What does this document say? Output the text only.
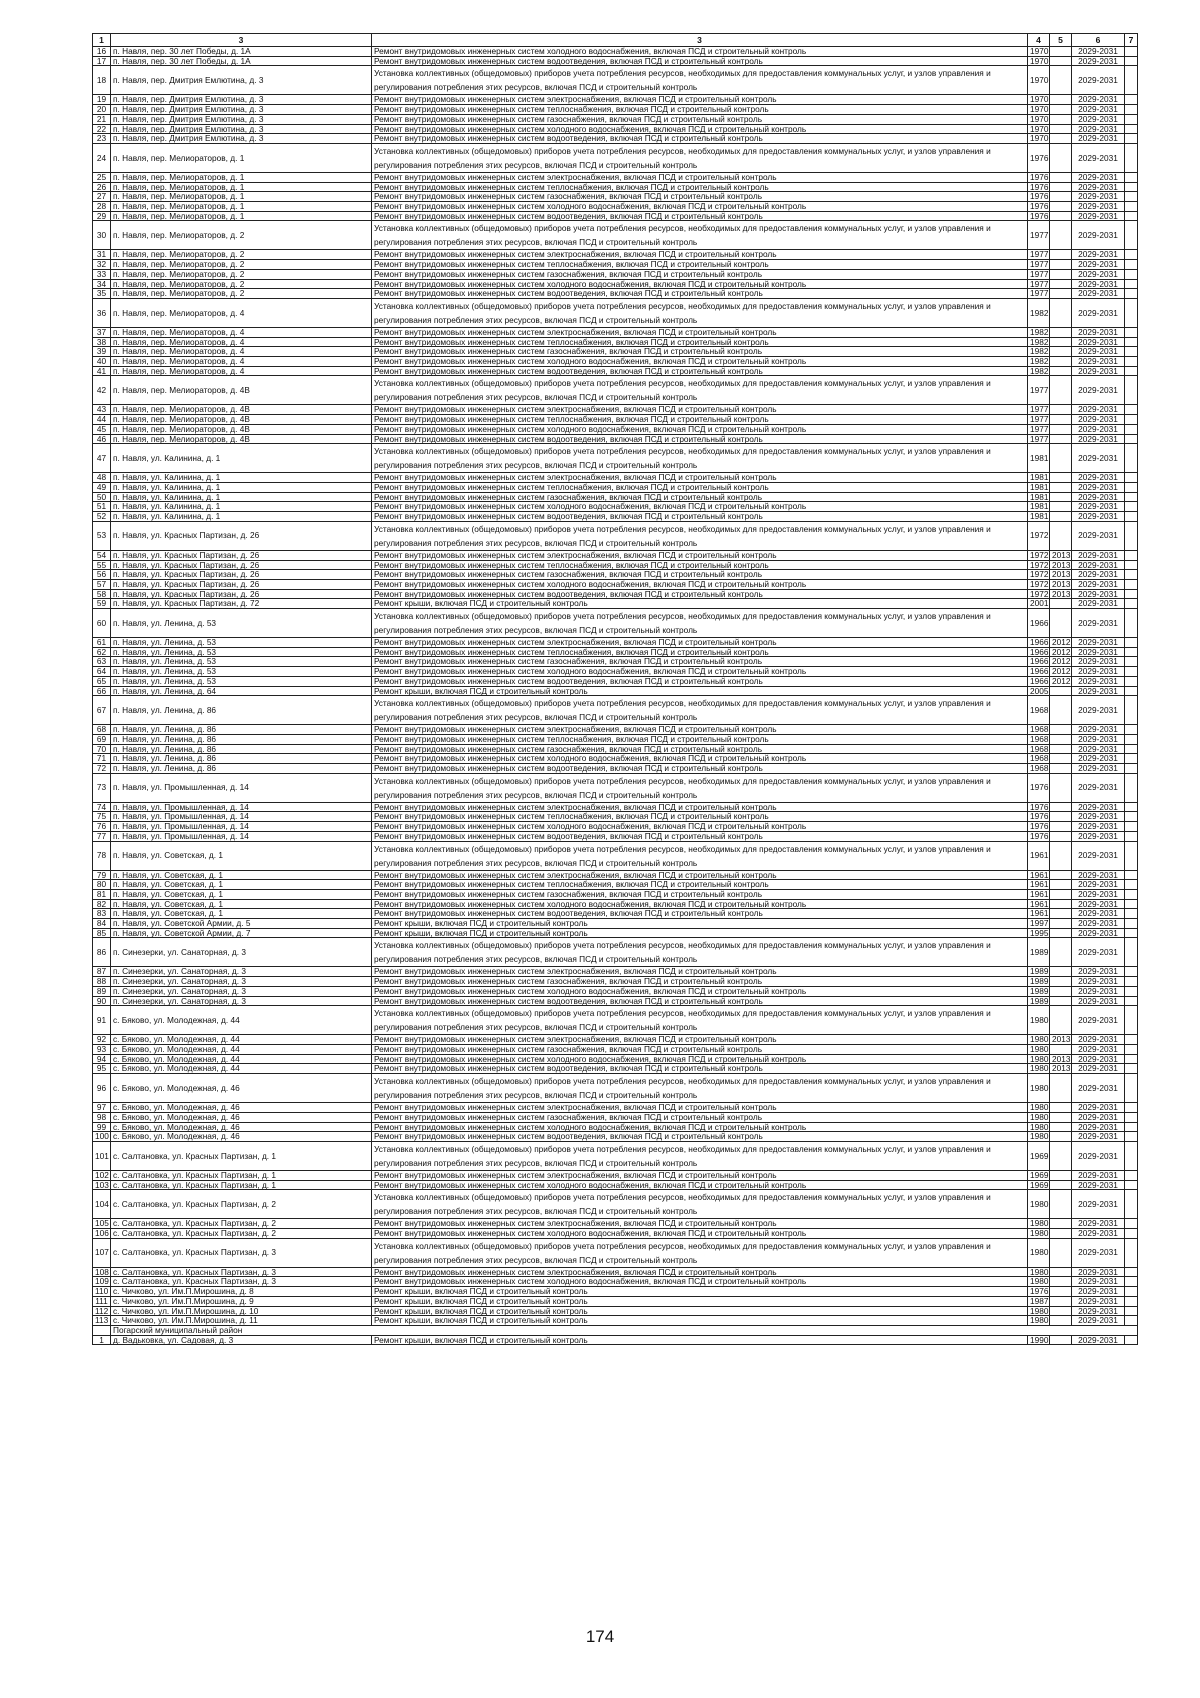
1	3	3	4	5	6	7
16	п. Навля, пер. 30 лет Победы, д. 1А	Ремонт внутридомовых инженерных систем холодного водоснабжения, включая ПСД и строительный контроль	1970		2029-2031	
17	п. Навля, пер. 30 лет Победы, д. 1А	Ремонт внутридомовых инженерных систем водоотведения, включая ПСД и строительный контроль	1970		2029-2031	
18	п. Навля, пер. Дмитрия Емлютина, д. 3	Установка коллективных (общедомовых) приборов учета потребления ресурсов, необходимых для предоставления коммунальных услуг, и узлов управления и регулирования потребления этих ресурсов, включая ПСД и строительный контроль	1970		2029-2031	
19	п. Навля, пер. Дмитрия Емлютина, д. 3	Ремонт внутридомовых инженерных систем электроснабжения, включая ПСД и строительный контроль	1970		2029-2031	
20	п. Навля, пер. Дмитрия Емлютина, д. 3	Ремонт внутридомовых инженерных систем теплоснабжения, включая ПСД и строительный контроль	1970		2029-2031	
21	п. Навля, пер. Дмитрия Емлютина, д. 3	Ремонт внутридомовых инженерных систем газоснабжения, включая ПСД и строительный контроль	1970		2029-2031	
22	п. Навля, пер. Дмитрия Емлютина, д. 3	Ремонт внутридомовых инженерных систем холодного водоснабжения, включая ПСД и строительный контроль	1970		2029-2031	
23	п. Навля, пер. Дмитрия Емлютина, д. 3	Ремонт внутридомовых инженерных систем водоотведения, включая ПСД и строительный контроль	1970		2029-2031	
24	п. Навля, пер. Мелиораторов, д. 1	Установка коллективных (общедомовых) приборов учета потребления ресурсов, необходимых для предоставления коммунальных услуг, и узлов управления и регулирования потребления этих ресурсов, включая ПСД и строительный контроль	1976		2029-2031	
25	п. Навля, пер. Мелиораторов, д. 1	Ремонт внутридомовых инженерных систем электроснабжения, включая ПСД и строительный контроль	1976		2029-2031	
26	п. Навля, пер. Мелиораторов, д. 1	Ремонт внутридомовых инженерных систем теплоснабжения, включая ПСД и строительный контроль	1976		2029-2031	
27	п. Навля, пер. Мелиораторов, д. 1	Ремонт внутридомовых инженерных систем газоснабжения, включая ПСД и строительный контроль	1976		2029-2031	
28	п. Навля, пер. Мелиораторов, д. 1	Ремонт внутридомовых инженерных систем холодного водоснабжения, включая ПСД и строительный контроль	1976		2029-2031	
29	п. Навля, пер. Мелиораторов, д. 1	Ремонт внутридомовых инженерных систем водоотведения, включая ПСД и строительный контроль	1976		2029-2031	
30	п. Навля, пер. Мелиораторов, д. 2	Установка коллективных (общедомовых) приборов учета потребления ресурсов, необходимых для предоставления коммунальных услуг, и узлов управления и регулирования потребления этих ресурсов, включая ПСД и строительный контроль	1977		2029-2031	
31	п. Навля, пер. Мелиораторов, д. 2	Ремонт внутридомовых инженерных систем электроснабжения, включая ПСД и строительный контроль	1977		2029-2031	
32	п. Навля, пер. Мелиораторов, д. 2	Ремонт внутридомовых инженерных систем теплоснабжения, включая ПСД и строительный контроль	1977		2029-2031	
33	п. Навля, пер. Мелиораторов, д. 2	Ремонт внутридомовых инженерных систем газоснабжения, включая ПСД и строительный контроль	1977		2029-2031	
34	п. Навля, пер. Мелиораторов, д. 2	Ремонт внутридомовых инженерных систем холодного водоснабжения, включая ПСД и строительный контроль	1977		2029-2031	
35	п. Навля, пер. Мелиораторов, д. 2	Ремонт внутридомовых инженерных систем водоотведения, включая ПСД и строительный контроль	1977		2029-2031	
36	п. Навля, пер. Мелиораторов, д. 4	Установка коллективных (общедомовых) приборов учета потребления ресурсов, необходимых для предоставления коммунальных услуг, и узлов управления и регулирования потребления этих ресурсов, включая ПСД и строительный контроль	1982		2029-2031	
37	п. Навля, пер. Мелиораторов, д. 4	Ремонт внутридомовых инженерных систем электроснабжения, включая ПСД и строительный контроль	1982		2029-2031	
38	п. Навля, пер. Мелиораторов, д. 4	Ремонт внутридомовых инженерных систем теплоснабжения, включая ПСД и строительный контроль	1982		2029-2031	
39	п. Навля, пер. Мелиораторов, д. 4	Ремонт внутридомовых инженерных систем газоснабжения, включая ПСД и строительный контроль	1982		2029-2031	
40	п. Навля, пер. Мелиораторов, д. 4	Ремонт внутридомовых инженерных систем холодного водоснабжения, включая ПСД и строительный контроль	1982		2029-2031	
41	п. Навля, пер. Мелиораторов, д. 4	Ремонт внутридомовых инженерных систем водоотведения, включая ПСД и строительный контроль	1982		2029-2031	
42	п. Навля, пер. Мелиораторов, д. 4В	Установка коллективных (общедомовых) приборов учета потребления ресурсов, необходимых для предоставления коммунальных услуг, и узлов управления и регулирования потребления этих ресурсов, включая ПСД и строительный контроль	1977		2029-2031	
43	п. Навля, пер. Мелиораторов, д. 4В	Ремонт внутридомовых инженерных систем электроснабжения, включая ПСД и строительный контроль	1977		2029-2031	
44	п. Навля, пер. Мелиораторов, д. 4В	Ремонт внутридомовых инженерных систем теплоснабжения, включая ПСД и строительный контроль	1977		2029-2031	
45	п. Навля, пер. Мелиораторов, д. 4В	Ремонт внутридомовых инженерных систем холодного водоснабжения, включая ПСД и строительный контроль	1977		2029-2031	
46	п. Навля, пер. Мелиораторов, д. 4В	Ремонт внутридомовых инженерных систем водоотведения, включая ПСД и строительный контроль	1977		2029-2031	
47	п. Навля, ул. Калинина, д. 1	Установка коллективных (общедомовых) приборов учета потребления ресурсов, необходимых для предоставления коммунальных услуг, и узлов управления и регулирования потребления этих ресурсов, включая ПСД и строительный контроль	1981		2029-2031	
48	п. Навля, ул. Калинина, д. 1	Ремонт внутридомовых инженерных систем электроснабжения, включая ПСД и строительный контроль	1981		2029-2031	
49	п. Навля, ул. Калинина, д. 1	Ремонт внутридомовых инженерных систем теплоснабжения, включая ПСД и строительный контроль	1981		2029-2031	
50	п. Навля, ул. Калинина, д. 1	Ремонт внутридомовых инженерных систем газоснабжения, включая ПСД и строительный контроль	1981		2029-2031	
51	п. Навля, ул. Калинина, д. 1	Ремонт внутридомовых инженерных систем холодного водоснабжения, включая ПСД и строительный контроль	1981		2029-2031	
52	п. Навля, ул. Калинина, д. 1	Ремонт внутридомовых инженерных систем водоотведения, включая ПСД и строительный контроль	1981		2029-2031	
53	п. Навля, ул. Красных Партизан, д. 26	Установка коллективных (общедомовых) приборов учета потребления ресурсов, необходимых для предоставления коммунальных услуг, и узлов управления и регулирования потребления этих ресурсов, включая ПСД и строительный контроль	1972		2029-2031	
54	п. Навля, ул. Красных Партизан, д. 26	Ремонт внутридомовых инженерных систем электроснабжения, включая ПСД и строительный контроль	1972	2013	2029-2031	
55	п. Навля, ул. Красных Партизан, д. 26	Ремонт внутридомовых инженерных систем теплоснабжения, включая ПСД и строительный контроль	1972	2013	2029-2031	
56	п. Навля, ул. Красных Партизан, д. 26	Ремонт внутридомовых инженерных систем газоснабжения, включая ПСД и строительный контроль	1972	2013	2029-2031	
57	п. Навля, ул. Красных Партизан, д. 26	Ремонт внутридомовых инженерных систем холодного водоснабжения, включая ПСД и строительный контроль	1972	2013	2029-2031	
58	п. Навля, ул. Красных Партизан, д. 26	Ремонт внутридомовых инженерных систем водоотведения, включая ПСД и строительный контроль	1972	2013	2029-2031	
59	п. Навля, ул. Красных Партизан, д. 72	Ремонт крыши, включая ПСД и строительный контроль	2001		2029-2031	
60	п. Навля, ул. Ленина, д. 53	Установка коллективных (общедомовых) приборов учета потребления ресурсов, необходимых для предоставления коммунальных услуг, и узлов управления и регулирования потребления этих ресурсов, включая ПСД и строительный контроль	1966		2029-2031	
61	п. Навля, ул. Ленина, д. 53	Ремонт внутридомовых инженерных систем электроснабжения, включая ПСД и строительный контроль	1966	2012	2029-2031	
62	п. Навля, ул. Ленина, д. 53	Ремонт внутридомовых инженерных систем теплоснабжения, включая ПСД и строительный контроль	1966	2012	2029-2031	
63	п. Навля, ул. Ленина, д. 53	Ремонт внутридомовых инженерных систем газоснабжения, включая ПСД и строительный контроль	1966	2012	2029-2031	
64	п. Навля, ул. Ленина, д. 53	Ремонт внутридомовых инженерных систем холодного водоснабжения, включая ПСД и строительный контроль	1966	2012	2029-2031	
65	п. Навля, ул. Ленина, д. 53	Ремонт внутридомовых инженерных систем водоотведения, включая ПСД и строительный контроль	1966	2012	2029-2031	
66	п. Навля, ул. Ленина, д. 64	Ремонт крыши, включая ПСД и строительный контроль	2005		2029-2031	
67	п. Навля, ул. Ленина, д. 86	Установка коллективных (общедомовых) приборов учета потребления ресурсов, необходимых для предоставления коммунальных услуг, и узлов управления и регулирования потребления этих ресурсов, включая ПСД и строительный контроль	1968		2029-2031	
68	п. Навля, ул. Ленина, д. 86	Ремонт внутридомовых инженерных систем электроснабжения, включая ПСД и строительный контроль	1968		2029-2031	
69	п. Навля, ул. Ленина, д. 86	Ремонт внутридомовых инженерных систем теплоснабжения, включая ПСД и строительный контроль	1968		2029-2031	
70	п. Навля, ул. Ленина, д. 86	Ремонт внутридомовых инженерных систем газоснабжения, включая ПСД и строительный контроль	1968		2029-2031	
71	п. Навля, ул. Ленина, д. 86	Ремонт внутридомовых инженерных систем холодного водоснабжения, включая ПСД и строительный контроль	1968		2029-2031	
72	п. Навля, ул. Ленина, д. 86	Ремонт внутридомовых инженерных систем водоотведения, включая ПСД и строительный контроль	1968		2029-2031	
73	п. Навля, ул. Промышленная, д. 14	Установка коллективных (общедомовых) приборов учета потребления ресурсов, необходимых для предоставления коммунальных услуг, и узлов управления и регулирования потребления этих ресурсов, включая ПСД и строительный контроль	1976		2029-2031	
74	п. Навля, ул. Промышленная, д. 14	Ремонт внутридомовых инженерных систем электроснабжения, включая ПСД и строительный контроль	1976		2029-2031	
75	п. Навля, ул. Промышленная, д. 14	Ремонт внутридомовых инженерных систем теплоснабжения, включая ПСД и строительный контроль	1976		2029-2031	
76	п. Навля, ул. Промышленная, д. 14	Ремонт внутридомовых инженерных систем холодного водоснабжения, включая ПСД и строительный контроль	1976		2029-2031	
77	п. Навля, ул. Промышленная, д. 14	Ремонт внутридомовых инженерных систем водоотведения, включая ПСД и строительный контроль	1976		2029-2031	
78	п. Навля, ул. Советская, д. 1	Установка коллективных (общедомовых) приборов учета потребления ресурсов, необходимых для предоставления коммунальных услуг, и узлов управления и регулирования потребления этих ресурсов, включая ПСД и строительный контроль	1961		2029-2031	
79	п. Навля, ул. Советская, д. 1	Ремонт внутридомовых инженерных систем электроснабжения, включая ПСД и строительный контроль	1961		2029-2031	
80	п. Навля, ул. Советская, д. 1	Ремонт внутридомовых инженерных систем теплоснабжения, включая ПСД и строительный контроль	1961		2029-2031	
81	п. Навля, ул. Советская, д. 1	Ремонт внутридомовых инженерных систем газоснабжения, включая ПСД и строительный контроль	1961		2029-2031	
82	п. Навля, ул. Советская, д. 1	Ремонт внутридомовых инженерных систем холодного водоснабжения, включая ПСД и строительный контроль	1961		2029-2031	
83	п. Навля, ул. Советская, д. 1	Ремонт внутридомовых инженерных систем водоотведения, включая ПСД и строительный контроль	1961		2029-2031	
84	п. Навля, ул. Советской Армии, д. 5	Ремонт крыши, включая ПСД и строительный контроль	1997		2029-2031	
85	п. Навля, ул. Советской Армии, д. 7	Ремонт крыши, включая ПСД и строительный контроль	1995		2029-2031	
86	п. Синезерки, ул. Санаторная, д. 3	Установка коллективных (общедомовых) приборов учета потребления ресурсов, необходимых для предоставления коммунальных услуг, и узлов управления и регулирования потребления этих ресурсов, включая ПСД и строительный контроль	1989		2029-2031	
87	п. Синезерки, ул. Санаторная, д. 3	Ремонт внутридомовых инженерных систем электроснабжения, включая ПСД и строительный контроль	1989		2029-2031	
88	п. Синезерки, ул. Санаторная, д. 3	Ремонт внутридомовых инженерных систем газоснабжения, включая ПСД и строительный контроль	1989		2029-2031	
89	п. Синезерки, ул. Санаторная, д. 3	Ремонт внутридомовых инженерных систем холодного водоснабжения, включая ПСД и строительный контроль	1989		2029-2031	
90	п. Синезерки, ул. Санаторная, д. 3	Ремонт внутридомовых инженерных систем водоотведения, включая ПСД и строительный контроль	1989		2029-2031	
91	с. Бяково, ул. Молодежная, д. 44	Установка коллективных (общедомовых) приборов учета потребления ресурсов, необходимых для предоставления коммунальных услуг, и узлов управления и регулирования потребления этих ресурсов, включая ПСД и строительный контроль	1980		2029-2031	
92	с. Бяково, ул. Молодежная, д. 44	Ремонт внутридомовых инженерных систем электроснабжения, включая ПСД и строительный контроль	1980	2013	2029-2031	
93	с. Бяково, ул. Молодежная, д. 44	Ремонт внутридомовых инженерных систем газоснабжения, включая ПСД и строительный контроль	1980		2029-2031	
94	с. Бяково, ул. Молодежная, д. 44	Ремонт внутридомовых инженерных систем холодного водоснабжения, включая ПСД и строительный контроль	1980	2013	2029-2031	
95	с. Бяково, ул. Молодежная, д. 44	Ремонт внутридомовых инженерных систем водоотведения, включая ПСД и строительный контроль	1980	2013	2029-2031	
96	с. Бяково, ул. Молодежная, д. 46	Установка коллективных (общедомовых) приборов учета потребления ресурсов, необходимых для предоставления коммунальных услуг, и узлов управления и регулирования потребления этих ресурсов, включая ПСД и строительный контроль	1980		2029-2031	
97	с. Бяково, ул. Молодежная, д. 46	Ремонт внутридомовых инженерных систем электроснабжения, включая ПСД и строительный контроль	1980		2029-2031	
98	с. Бяково, ул. Молодежная, д. 46	Ремонт внутридомовых инженерных систем газоснабжения, включая ПСД и строительный контроль	1980		2029-2031	
99	с. Бяково, ул. Молодежная, д. 46	Ремонт внутридомовых инженерных систем холодного водоснабжения, включая ПСД и строительный контроль	1980		2029-2031	
100	с. Бяково, ул. Молодежная, д. 46	Ремонт внутридомовых инженерных систем водоотведения, включая ПСД и строительный контроль	1980		2029-2031	
101	с. Салтановка, ул. Красных Партизан, д. 1	Установка коллективных (общедомовых) приборов учета потребления ресурсов, необходимых для предоставления коммунальных услуг, и узлов управления и регулирования потребления этих ресурсов, включая ПСД и строительный контроль	1969		2029-2031	
102	с. Салтановка, ул. Красных Партизан, д. 1	Ремонт внутридомовых инженерных систем электроснабжения, включая ПСД и строительный контроль	1969		2029-2031	
103	с. Салтановка, ул. Красных Партизан, д. 1	Ремонт внутридомовых инженерных систем холодного водоснабжения, включая ПСД и строительный контроль	1969		2029-2031	
104	с. Салтановка, ул. Красных Партизан, д. 2	Установка коллективных (общедомовых) приборов учета потребления ресурсов, необходимых для предоставления коммунальных услуг, и узлов управления и регулирования потребления этих ресурсов, включая ПСД и строительный контроль	1980		2029-2031	
105	с. Салтановка, ул. Красных Партизан, д. 2	Ремонт внутридомовых инженерных систем электроснабжения, включая ПСД и строительный контроль	1980		2029-2031	
106	с. Салтановка, ул. Красных Партизан, д. 2	Ремонт внутридомовых инженерных систем холодного водоснабжения, включая ПСД и строительный контроль	1980		2029-2031	
107	с. Салтановка, ул. Красных Партизан, д. 3	Установка коллективных (общедомовых) приборов учета потребления ресурсов, необходимых для предоставления коммунальных услуг, и узлов управления и регулирования потребления этих ресурсов, включая ПСД и строительный контроль	1980		2029-2031	
108	с. Салтановка, ул. Красных Партизан, д. 3	Ремонт внутридомовых инженерных систем электроснабжения, включая ПСД и строительный контроль	1980		2029-2031	
109	с. Салтановка, ул. Красных Партизан, д. 3	Ремонт внутридомовых инженерных систем холодного водоснабжения, включая ПСД и строительный контроль	1980		2029-2031	
110	с. Чичково, ул. Им.П.Мирошина, д. 8	Ремонт крыши, включая ПСД и строительный контроль	1976		2029-2031	
111	с. Чичково, ул. Им.П.Мирошина, д. 9	Ремонт крыши, включая ПСД и строительный контроль	1987		2029-2031	
112	с. Чичково, ул. Им.П.Мирошина, д. 10	Ремонт крыши, включая ПСД и строительный контроль	1980		2029-2031	
113	с. Чичково, ул. Им.П.Мирошина, д. 11	Ремонт крыши, включая ПСД и строительный контроль	1980		2029-2031	
	Погарский муниципальный район					
1	д. Вадьковка, ул. Садовая, д. 3	Ремонт крыши, включая ПСД и строительный контроль	1990		2029-2031	
174
